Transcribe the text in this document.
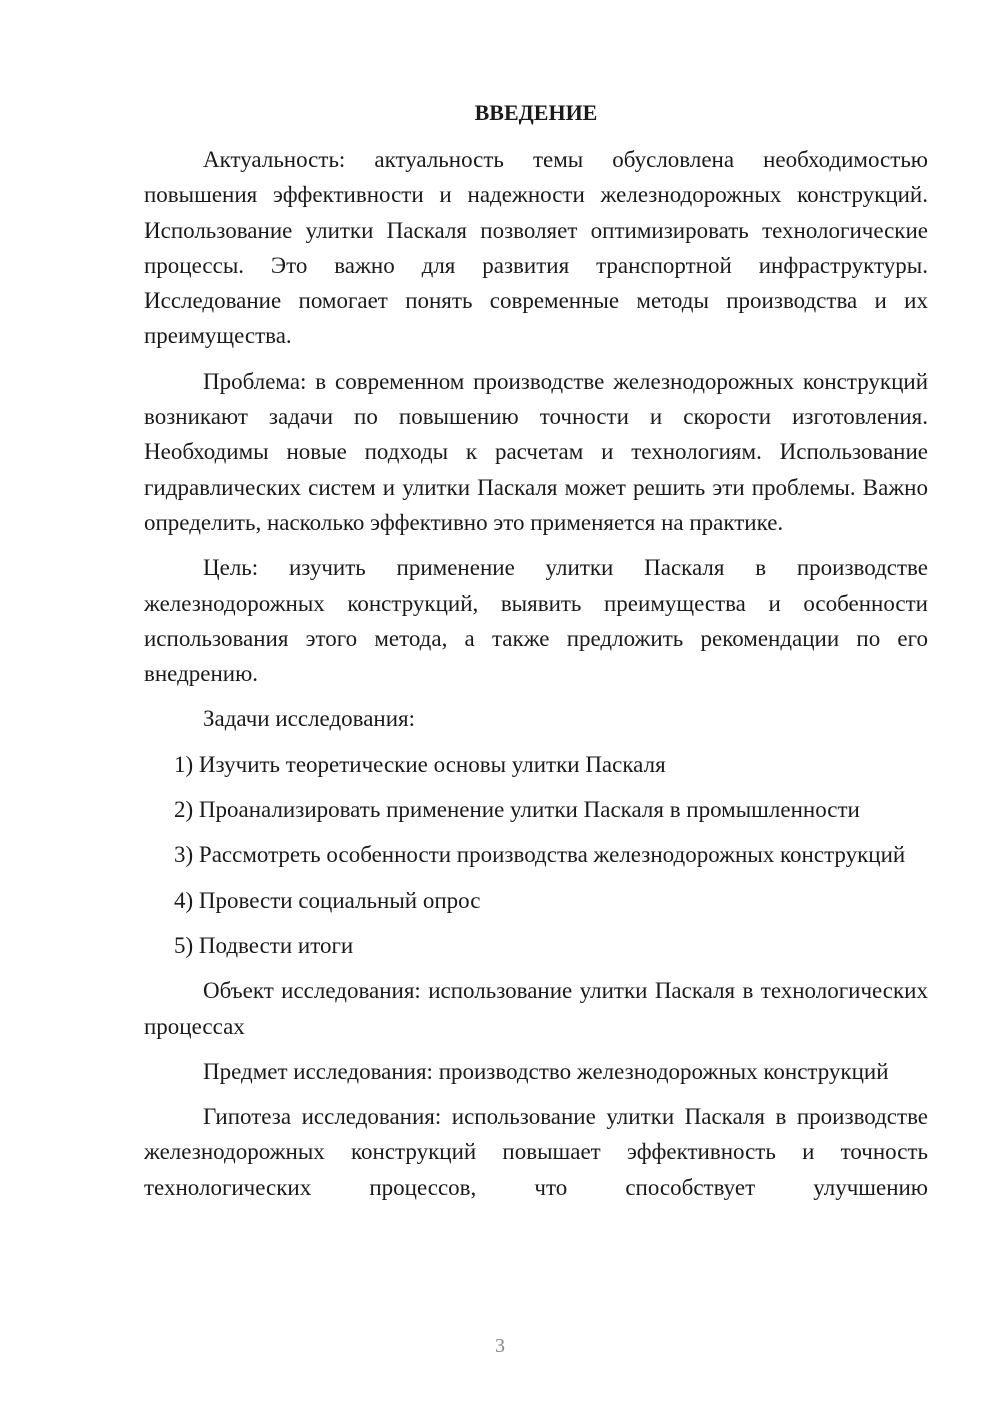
ВВЕДЕНИЕ

Актуальность: актуальность темы обусловлена необходимостью повышения эффективности и надежности железнодорожных конструкций. Использование улитки Паскаля позволяет оптимизировать технологические процессы. Это важно для развития транспортной инфраструктуры. Исследование помогает понять современные методы производства и их преимущества.

Проблема: в современном производстве железнодорожных конструкций возникают задачи по повышению точности и скорости изготовления. Необходимы новые подходы к расчетам и технологиям. Использование гидравлических систем и улитки Паскаля может решить эти проблемы. Важно определить, насколько эффективно это применяется на практике.

Цель: изучить применение улитки Паскаля в производстве железнодорожных конструкций, выявить преимущества и особенности использования этого метода, а также предложить рекомендации по его внедрению.

Задачи исследования:

1) Изучить теоретические основы улитки Паскаля

2) Проанализировать применение улитки Паскаля в промышленности

3) Рассмотреть особенности производства железнодорожных конструкций

4) Провести социальный опрос

5) Подвести итоги

Объект исследования: использование улитки Паскаля в технологических процессах

Предмет исследования: производство железнодорожных конструкций

Гипотеза исследования: использование улитки Паскаля в производстве железнодорожных конструкций повышает эффективность и точность технологических процессов, что способствует улучшению

3
